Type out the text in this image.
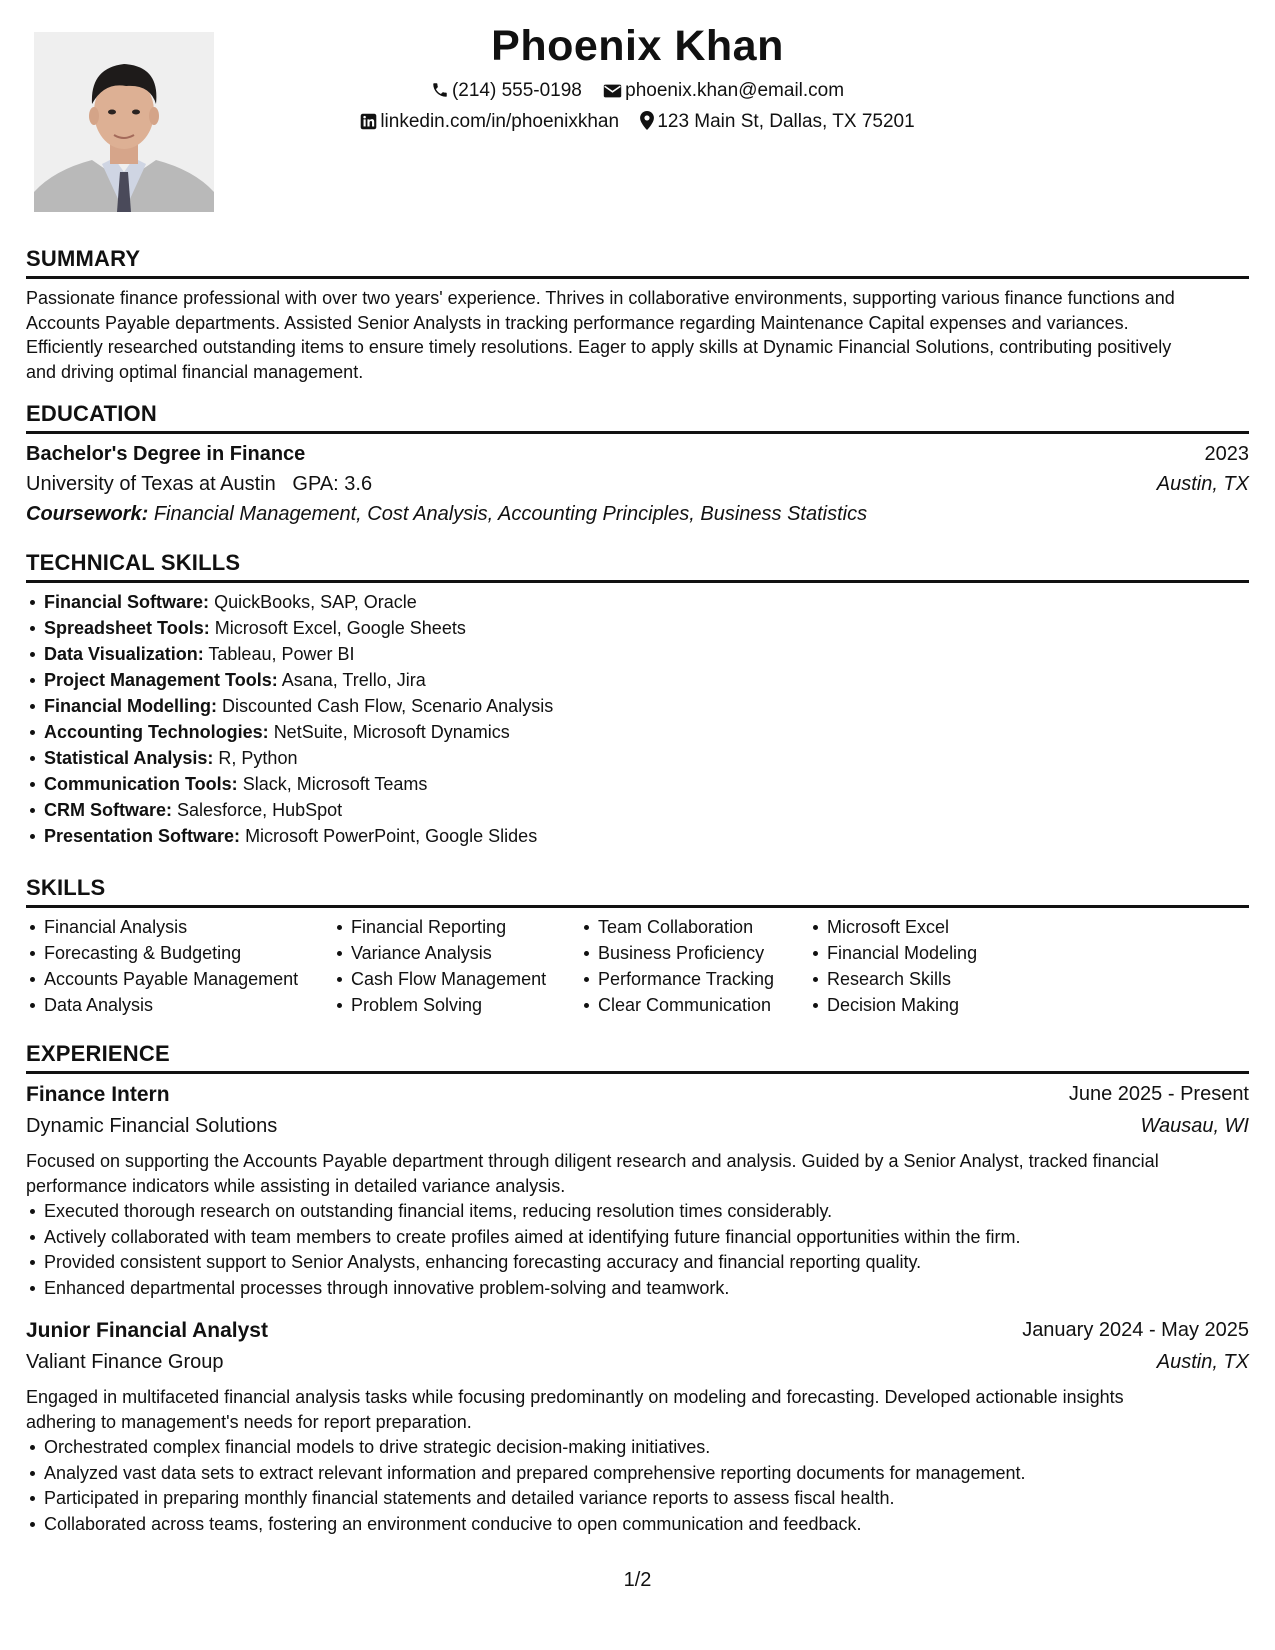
Phoenix Khan
(214) 555-0198 phoenix.khan@email.com
linkedin.com/in/phoenixkhan 123 Main St, Dallas, TX 75201
SUMMARY
Passionate finance professional with over two years' experience. Thrives in collaborative environments, supporting various finance functions and
Accounts Payable departments. Assisted Senior Analysts in tracking performance regarding Maintenance Capital expenses and variances.
Efficiently researched outstanding items to ensure timely resolutions. Eager to apply skills at Dynamic Financial Solutions, contributing positively
and driving optimal financial management.
EDUCATION
Bachelor's Degree in Finance	2023
University of Texas at Austin GPA: 3.6	Austin, TX
Coursework: Financial Management, Cost Analysis, Accounting Principles, Business Statistics
TECHNICAL SKILLS
Financial Software: QuickBooks, SAP, Oracle
Spreadsheet Tools: Microsoft Excel, Google Sheets
Data Visualization: Tableau, Power BI
Project Management Tools: Asana, Trello, Jira
Financial Modelling: Discounted Cash Flow, Scenario Analysis
Accounting Technologies: NetSuite, Microsoft Dynamics
Statistical Analysis: R, Python
Communication Tools: Slack, Microsoft Teams
CRM Software: Salesforce, HubSpot
Presentation Software: Microsoft PowerPoint, Google Slides
SKILLS
Financial Analysis
Forecasting & Budgeting
Accounts Payable Management
Data Analysis
Financial Reporting
Variance Analysis
Cash Flow Management
Problem Solving
Team Collaboration
Business Proficiency
Performance Tracking
Clear Communication
Microsoft Excel
Financial Modeling
Research Skills
Decision Making
EXPERIENCE
Finance Intern	June 2025 - Present
Dynamic Financial Solutions	Wausau, WI
Focused on supporting the Accounts Payable department through diligent research and analysis. Guided by a Senior Analyst, tracked financial
performance indicators while assisting in detailed variance analysis.
Executed thorough research on outstanding financial items, reducing resolution times considerably.
Actively collaborated with team members to create profiles aimed at identifying future financial opportunities within the firm.
Provided consistent support to Senior Analysts, enhancing forecasting accuracy and financial reporting quality.
Enhanced departmental processes through innovative problem-solving and teamwork.
Junior Financial Analyst	January 2024 - May 2025
Valiant Finance Group	Austin, TX
Engaged in multifaceted financial analysis tasks while focusing predominantly on modeling and forecasting. Developed actionable insights
adhering to management's needs for report preparation.
Orchestrated complex financial models to drive strategic decision-making initiatives.
Analyzed vast data sets to extract relevant information and prepared comprehensive reporting documents for management.
Participated in preparing monthly financial statements and detailed variance reports to assess fiscal health.
Collaborated across teams, fostering an environment conducive to open communication and feedback.
1/2
